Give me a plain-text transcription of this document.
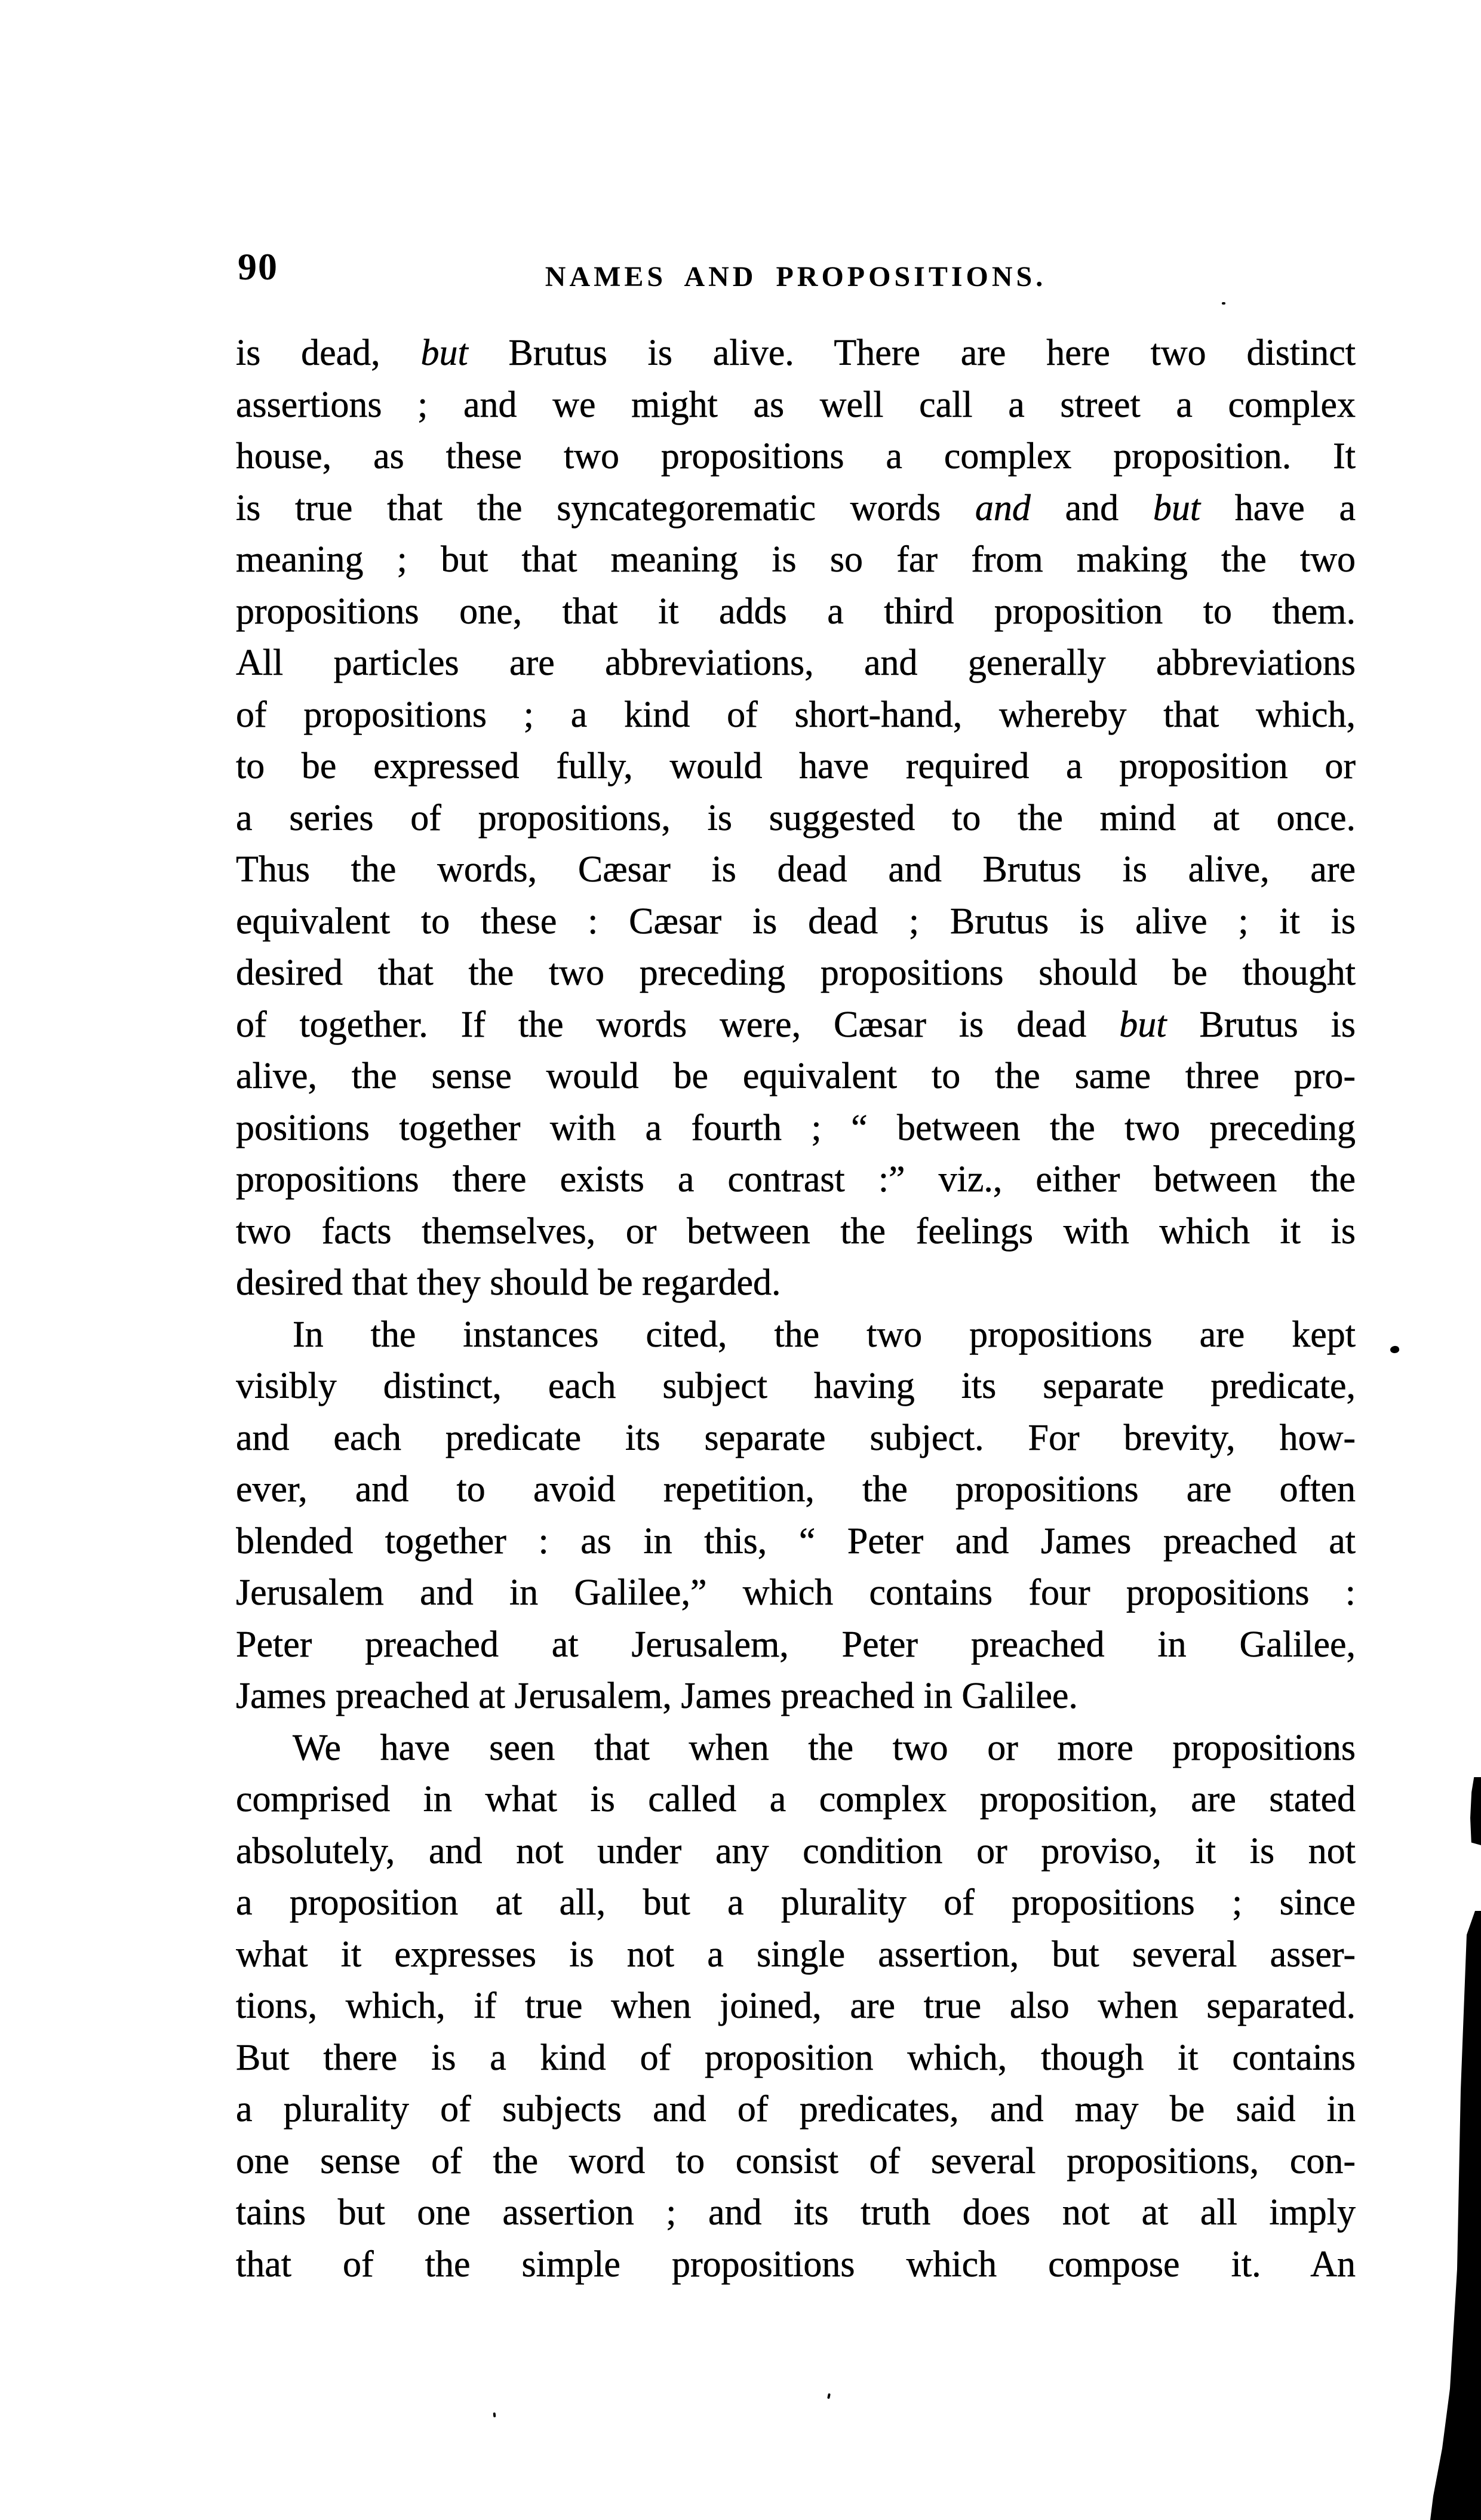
90	NAMES AND PROPOSITIONS.
is dead, but Brutus is alive. There are here two distinct
assertions ; and we might as well call a street a complex
house, as these two propositions a complex proposition. It
is true that the syncategorematic words and and but have a
meaning ; but that meaning is so far from making the two
propositions one, that it adds a third proposition to them.
All particles are abbreviations, and generally abbreviations
of propositions ; a kind of short-hand, whereby that which,
to be expressed fully, would have required a proposition or
a series of propositions, is suggested to the mind at once.
Thus the words, Cæsar is dead and Brutus is alive, are
equivalent to these : Cæsar is dead ; Brutus is alive ; it is
desired that the two preceding propositions should be thought
of together. If the words were, Cæsar is dead but Brutus is
alive, the sense would be equivalent to the same three pro-
positions together with a fourth ; “ between the two preceding
propositions there exists a contrast :” viz., either between the
two facts themselves, or between the feelings with which it is
desired that they should be regarded.
In the instances cited, the two propositions are kept
visibly distinct, each subject having its separate predicate,
and each predicate its separate subject. For brevity, how-
ever, and to avoid repetition, the propositions are often
blended together : as in this, “ Peter and James preached at
Jerusalem and in Galilee,” which contains four propositions :
Peter preached at Jerusalem, Peter preached in Galilee,
James preached at Jerusalem, James preached in Galilee.
We have seen that when the two or more propositions
comprised in what is called a complex proposition, are stated
absolutely, and not under any condition or proviso, it is not
a proposition at all, but a plurality of propositions ; since
what it expresses is not a single assertion, but several asser-
tions, which, if true when joined, are true also when separated.
But there is a kind of proposition which, though it contains
a plurality of subjects and of predicates, and may be said in
one sense of the word to consist of several propositions, con-
tains but one assertion ; and its truth does not at all imply
that of the simple propositions which compose it. An
